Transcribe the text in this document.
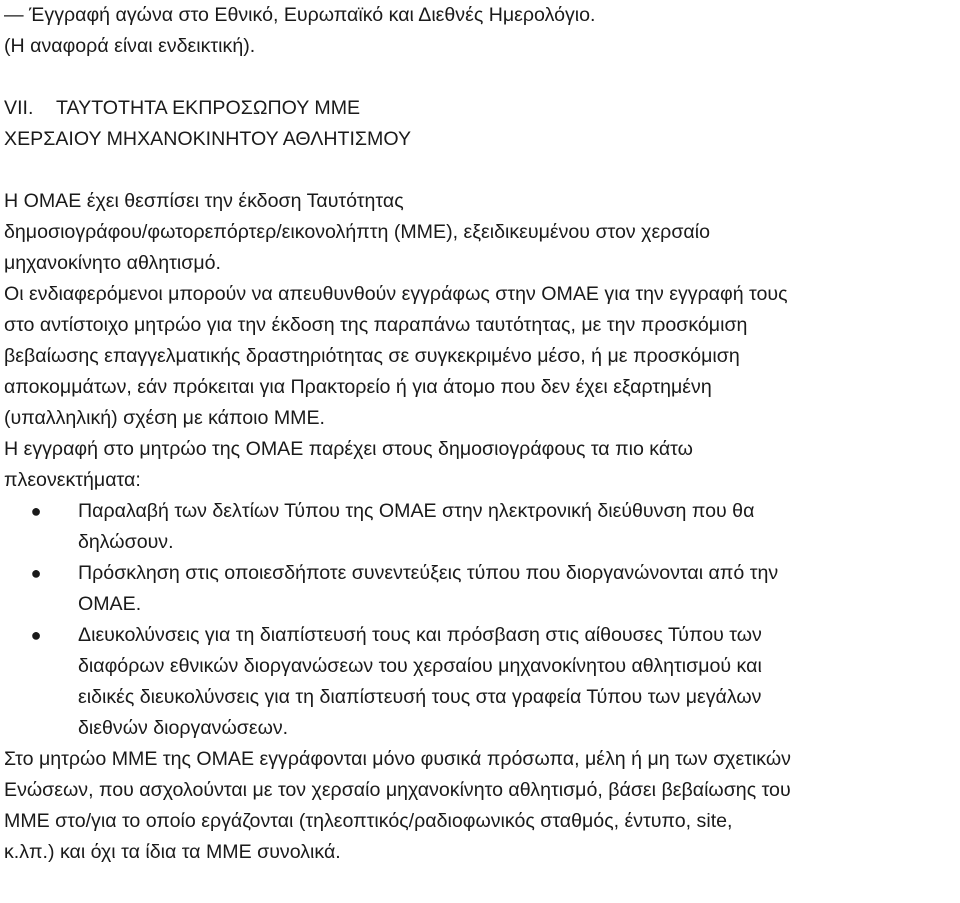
— Έγγραφή αγώνα στο Εθνικό, Ευρωπαϊκό και Διεθνές Ημερολόγιο.
(Η αναφορά είναι ενδεικτική).
VII. ΤΑΥΤΟΤΗΤΑ ΕΚΠΡΟΣΩΠΟΥ ΜΜΕ
ΧΕΡΣΑΙΟΥ ΜΗΧΑΝΟΚΙΝΗΤΟΥ ΑΘΛΗΤΙΣΜΟΥ
Η ΟΜΑΕ έχει θεσπίσει την έκδοση Ταυτότητας
δημοσιογράφου/φωτορεπόρτερ/εικονολήπτη (ΜΜΕ), εξειδικευμένου στον χερσαίο
μηχανοκίνητο αθλητισμό.
Οι ενδιαφερόμενοι μπορούν να απευθυνθούν εγγράφως στην ΟΜΑΕ για την εγγραφή τους
στο αντίστοιχο μητρώο για την έκδοση της παραπάνω ταυτότητας, με την προσκόμιση
βεβαίωσης επαγγελματικής δραστηριότητας σε συγκεκριμένο μέσο, ή με προσκόμιση
αποκομμάτων, εάν πρόκειται για Πρακτορείο ή για άτομο που δεν έχει εξαρτημένη
(υπαλληλική) σχέση με κάποιο ΜΜΕ.
Η εγγραφή στο μητρώο της ΟΜΑΕ παρέχει στους δημοσιογράφους τα πιο κάτω
πλεονεκτήματα:
● Παραλαβή των δελτίων Τύπου της ΟΜΑΕ στην ηλεκτρονική διεύθυνση που θα
δηλώσουν.
● Πρόσκληση στις οποιεσδήποτε συνεντεύξεις τύπου που διοργανώνονται από την
ΟΜΑΕ.
● Διευκολύνσεις για τη διαπίστευσή τους και πρόσβαση στις αίθουσες Τύπου των
διαφόρων εθνικών διοργανώσεων του χερσαίου μηχανοκίνητου αθλητισμού και
ειδικές διευκολύνσεις για τη διαπίστευσή τους στα γραφεία Τύπου των μεγάλων
διεθνών διοργανώσεων.
Στο μητρώο ΜΜΕ της ΟΜΑΕ εγγράφονται μόνο φυσικά πρόσωπα, μέλη ή μη των σχετικών
Ενώσεων, που ασχολούνται με τον χερσαίο μηχανοκίνητο αθλητισμό, βάσει βεβαίωσης του
ΜΜΕ στο/για το οποίο εργάζονται (τηλεοπτικός/ραδιοφωνικός σταθμός, έντυπο, site,
κ.λπ.) και όχι τα ίδια τα ΜΜΕ συνολικά.
